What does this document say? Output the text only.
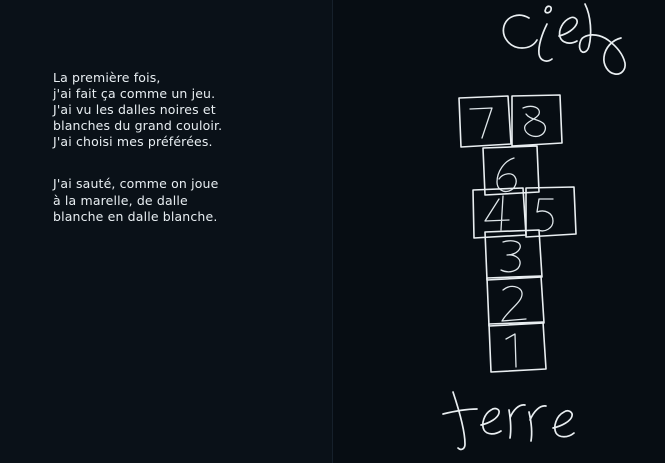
La première fois,
j'ai fait ça comme un jeu.
J'ai vu les dalles noires et
blanches du grand couloir.
J'ai choisi mes préférées.
J'ai sauté, comme on joue
à la marelle, de dalle
blanche en dalle blanche.
